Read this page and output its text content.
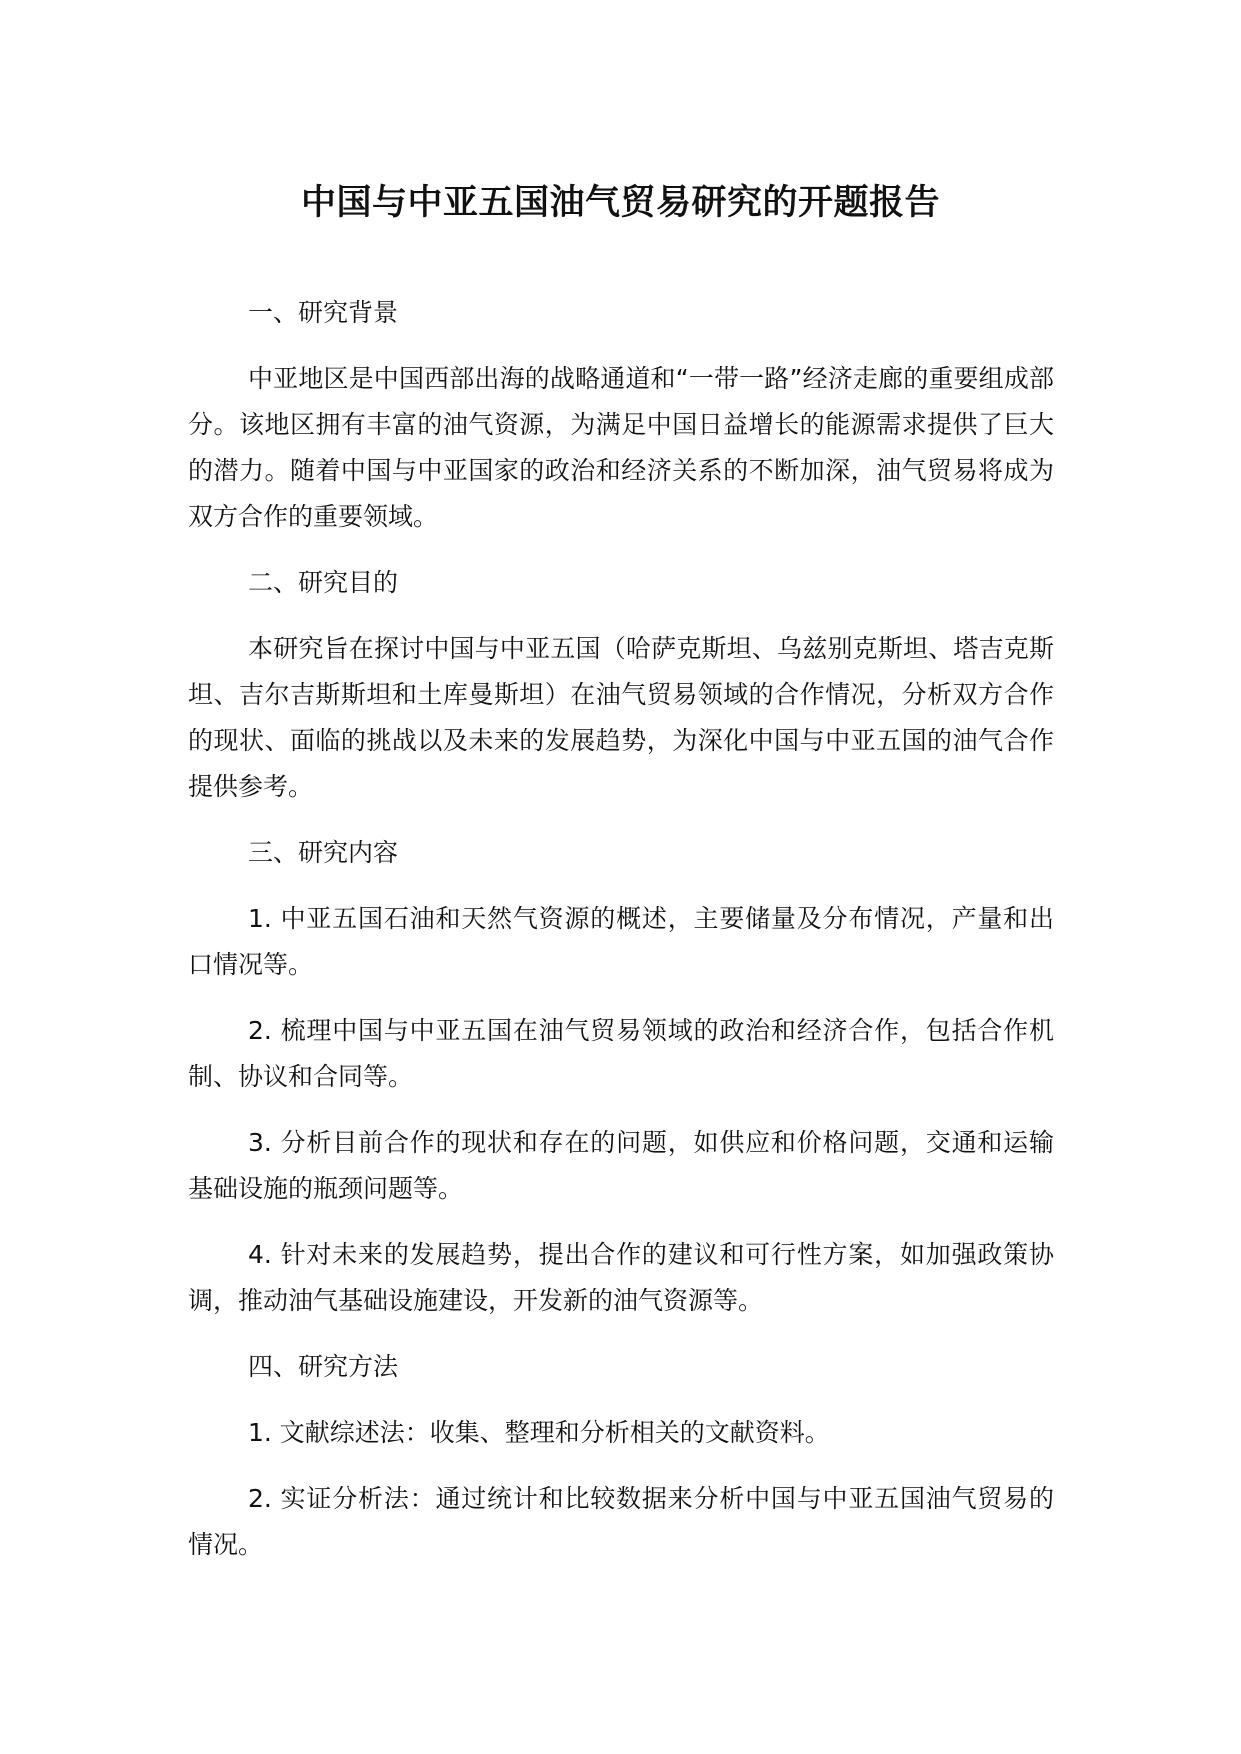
中国与中亚五国油气贸易研究的开题报告

一、研究背景

中亚地区是中国西部出海的战略通道和“一带一路”经济走廊的重要组成部分。该地区拥有丰富的油气资源，为满足中国日益增长的能源需求提供了巨大的潜力。随着中国与中亚国家的政治和经济关系的不断加深，油气贸易将成为双方合作的重要领域。

二、研究目的

本研究旨在探讨中国与中亚五国（哈萨克斯坦、乌兹别克斯坦、塔吉克斯坦、吉尔吉斯斯坦和土库曼斯坦）在油气贸易领域的合作情况，分析双方合作的现状、面临的挑战以及未来的发展趋势，为深化中国与中亚五国的油气合作提供参考。

三、研究内容

1. 中亚五国石油和天然气资源的概述，主要储量及分布情况，产量和出口情况等。

2. 梳理中国与中亚五国在油气贸易领域的政治和经济合作，包括合作机制、协议和合同等。

3. 分析目前合作的现状和存在的问题，如供应和价格问题，交通和运输基础设施的瓶颈问题等。

4. 针对未来的发展趋势，提出合作的建议和可行性方案，如加强政策协调，推动油气基础设施建设，开发新的油气资源等。

四、研究方法

1. 文献综述法：收集、整理和分析相关的文献资料。

2. 实证分析法：通过统计和比较数据来分析中国与中亚五国油气贸易的情况。
